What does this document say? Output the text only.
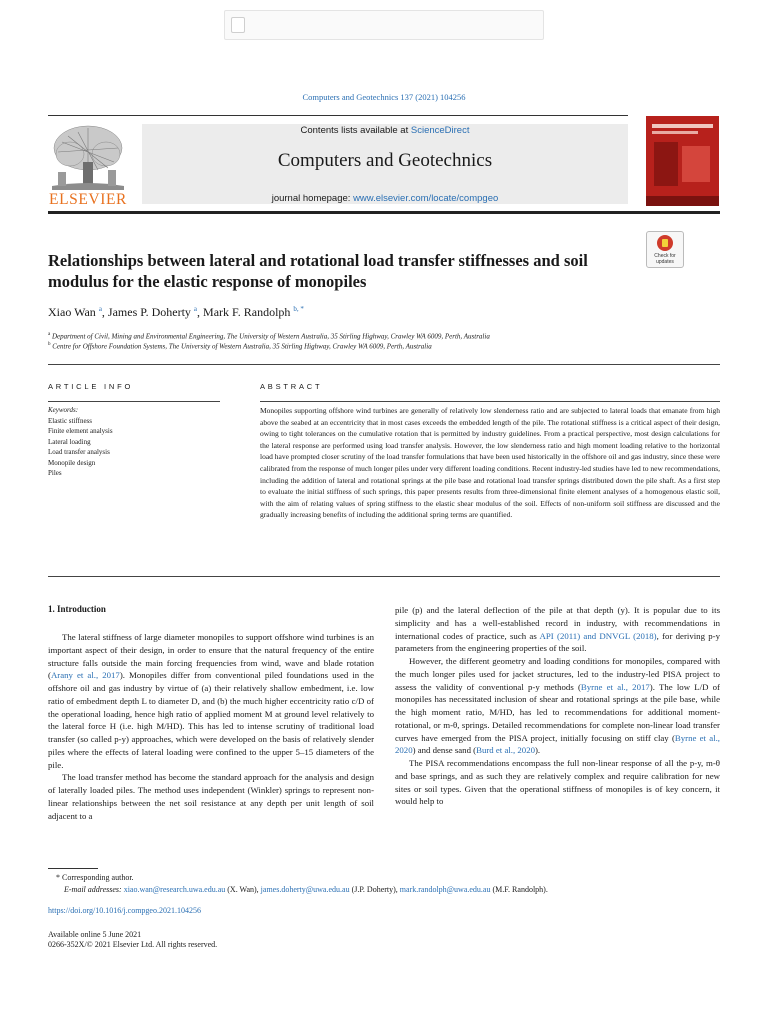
Computers and Geotechnics 137 (2021) 104256
ELSEVIER
Contents lists available at ScienceDirect
Computers and Geotechnics
journal homepage: www.elsevier.com/locate/compgeo
Check for updates
Relationships between lateral and rotational load transfer stiffnesses and soil modulus for the elastic response of monopiles
Xiao Wan $^a$, James P. Doherty $^a$, Mark F. Randolph $^{b, *}$
$^a$ Department of Civil, Mining and Environmental Engineering, The University of Western Australia, 35 Stirling Highway, Crawley WA 6009, Perth, Australia
$^b$ Centre for Offshore Foundation Systems, The University of Western Australia, 35 Stirling Highway, Crawley WA 6009, Perth, Australia
ARTICLE INFO
Keywords:
Elastic stiffness
Finite element analysis
Lateral loading
Load transfer analysis
Monopile design
Piles
ABSTRACT
Monopiles supporting offshore wind turbines are generally of relatively low slenderness ratio and are subjected to lateral loads that emanate from high above the seabed at an eccentricity that in most cases exceeds the embedded length of the pile. The rotational stiffness is a critical aspect of their design, owing to tight tolerances on the cumulative rotation that is permitted by industry guidelines. From a practical perspective, most design calculations for the lateral response are performed using load transfer analysis. However, the low slenderness ratio and high moment loading relative to the horizontal load have prompted closer scrutiny of the load transfer formulations that have been used historically in the offshore oil and gas industry, since these were calibrated from the response of much longer piles under very different loading conditions. Recent industry-led studies have led to new recommendations, including the addition of lateral and rotational springs at the pile base and rotational load transfer springs distributed down the pile shaft. As a first step to evaluate the initial stiffness of such springs, this paper presents results from three-dimensional finite element analyses of a homogenous elastic soil, with the aim of relating values of spring stiffness to the elastic shear modulus of the soil. Effects of non-uniform soil stiffness are discussed and the gradually increasing benefits of including the additional spring terms are quantified.
1. Introduction

The lateral stiffness of large diameter monopiles to support offshore wind turbines is an important aspect of their design, in order to ensure that the natural frequency of the entire structure falls outside the main forcing frequencies from wind, wave and blade rotation (Arany et al., 2017). Monopiles differ from conventional piled foundations used in the offshore oil and gas industry by virtue of (a) their relatively shallow embedment, i.e. low ratio of embedment depth L to diameter D, and (b) the much higher eccentricity ratio c/D of the operational loading, hence high ratio of applied moment M at ground level relatively to the lateral force H (i.e. high M/HD). This has led to intense scrutiny of traditional load transfer (so called p-y) approaches, which were developed on the basis of relatively slender piles where the effects of lateral loading were confined to the upper 5–15 diameters of the pile.

The load transfer method has become the standard approach for the analysis and design of laterally loaded piles. The method uses independent (Winkler) springs to represent non-linear relationships between the net soil resistance at any depth per unit length of soil adjacent to a

pile (p) and the lateral deflection of the pile at that depth (y). It is popular due to its simplicity and has a well-established record in industry, with recommendations in international codes of practice, such as API (2011) and DNVGL (2018), for deriving p-y parameters from the engineering properties of the soil.

However, the different geometry and loading conditions for monopiles, compared with the much longer piles used for jacket structures, led to the industry-led PISA project to assess the validity of conventional p-y methods (Byrne et al., 2017). The low L/D of monopiles has necessitated inclusion of shear and rotational springs at the pile base, while the high moment ratio, M/HD, has led to recommendations for additional moment-rotational, or m-θ, springs. Detailed recommendations for complete non-linear load transfer curves have emerged from the PISA project, initially focusing on stiff clay (Byrne et al., 2020) and dense sand (Burd et al., 2020).

The PISA recommendations encompass the full non-linear response of all the p-y, m-θ and base springs, and as such they are relatively complex and require calibration for new sites or soil types. Given that the operational stiffness of monopiles is of key concern, it would help to

* Corresponding author.
E-mail addresses: xiao.wan@research.uwa.edu.au (X. Wan), james.doherty@uwa.edu.au (J.P. Doherty), mark.randolph@uwa.edu.au (M.F. Randolph).
https://doi.org/10.1016/j.compgeo.2021.104256
Available online 5 June 2021
0266-352X/© 2021 Elsevier Ltd. All rights reserved.
